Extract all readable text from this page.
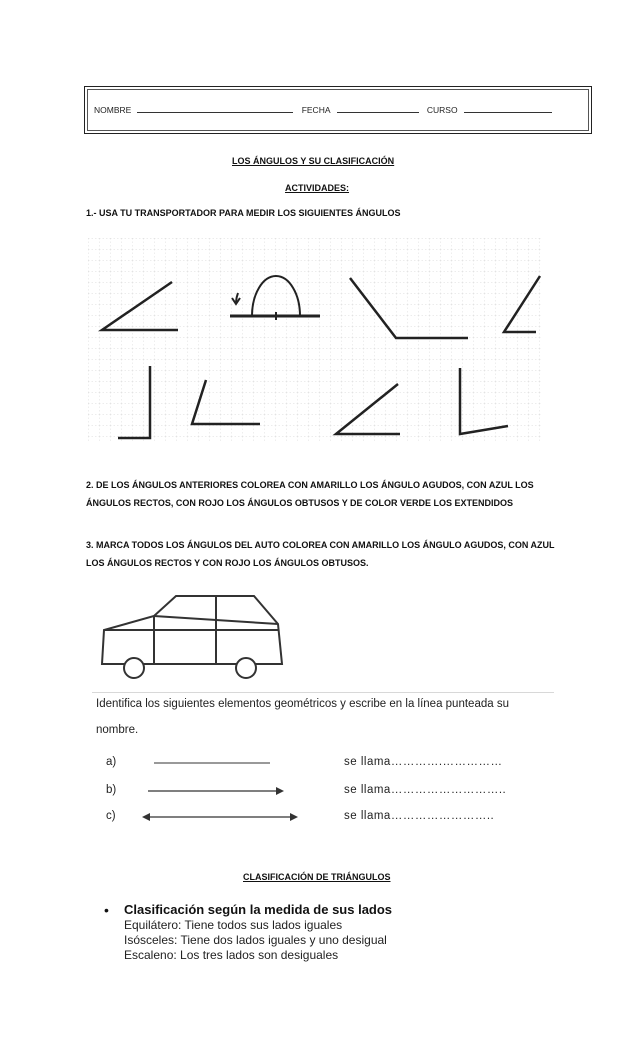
NOMBRE	FECHA	CURSO
LOS ÁNGULOS Y SU CLASIFICACIÓN
ACTIVIDADES:
1.- USA TU TRANSPORTADOR PARA MEDIR LOS SIGUIENTES ÁNGULOS
2. DE LOS ÁNGULOS ANTERIORES COLOREA CON AMARILLO LOS ÁNGULO AGUDOS, CON AZUL LOS ÁNGULOS RECTOS, CON ROJO LOS ÁNGULOS OBTUSOS Y DE COLOR VERDE LOS EXTENDIDOS
3. MARCA TODOS LOS ÁNGULOS DEL AUTO COLOREA CON AMARILLO LOS ÁNGULO AGUDOS, CON AZUL LOS ÁNGULOS RECTOS Y CON ROJO LOS ÁNGULOS OBTUSOS.
Identifica los siguientes elementos geométricos y escribe en la línea punteada su
nombre.
a)	se llama………….……………
b)	se llama………………………..
c)	se llama……………………..
CLASIFICACIÓN DE TRIÁNGULOS
• Clasificación según la medida de sus lados
Equilátero: Tiene todos sus lados iguales
Isósceles: Tiene dos lados iguales y uno desigual
Escaleno: Los tres lados son desiguales
